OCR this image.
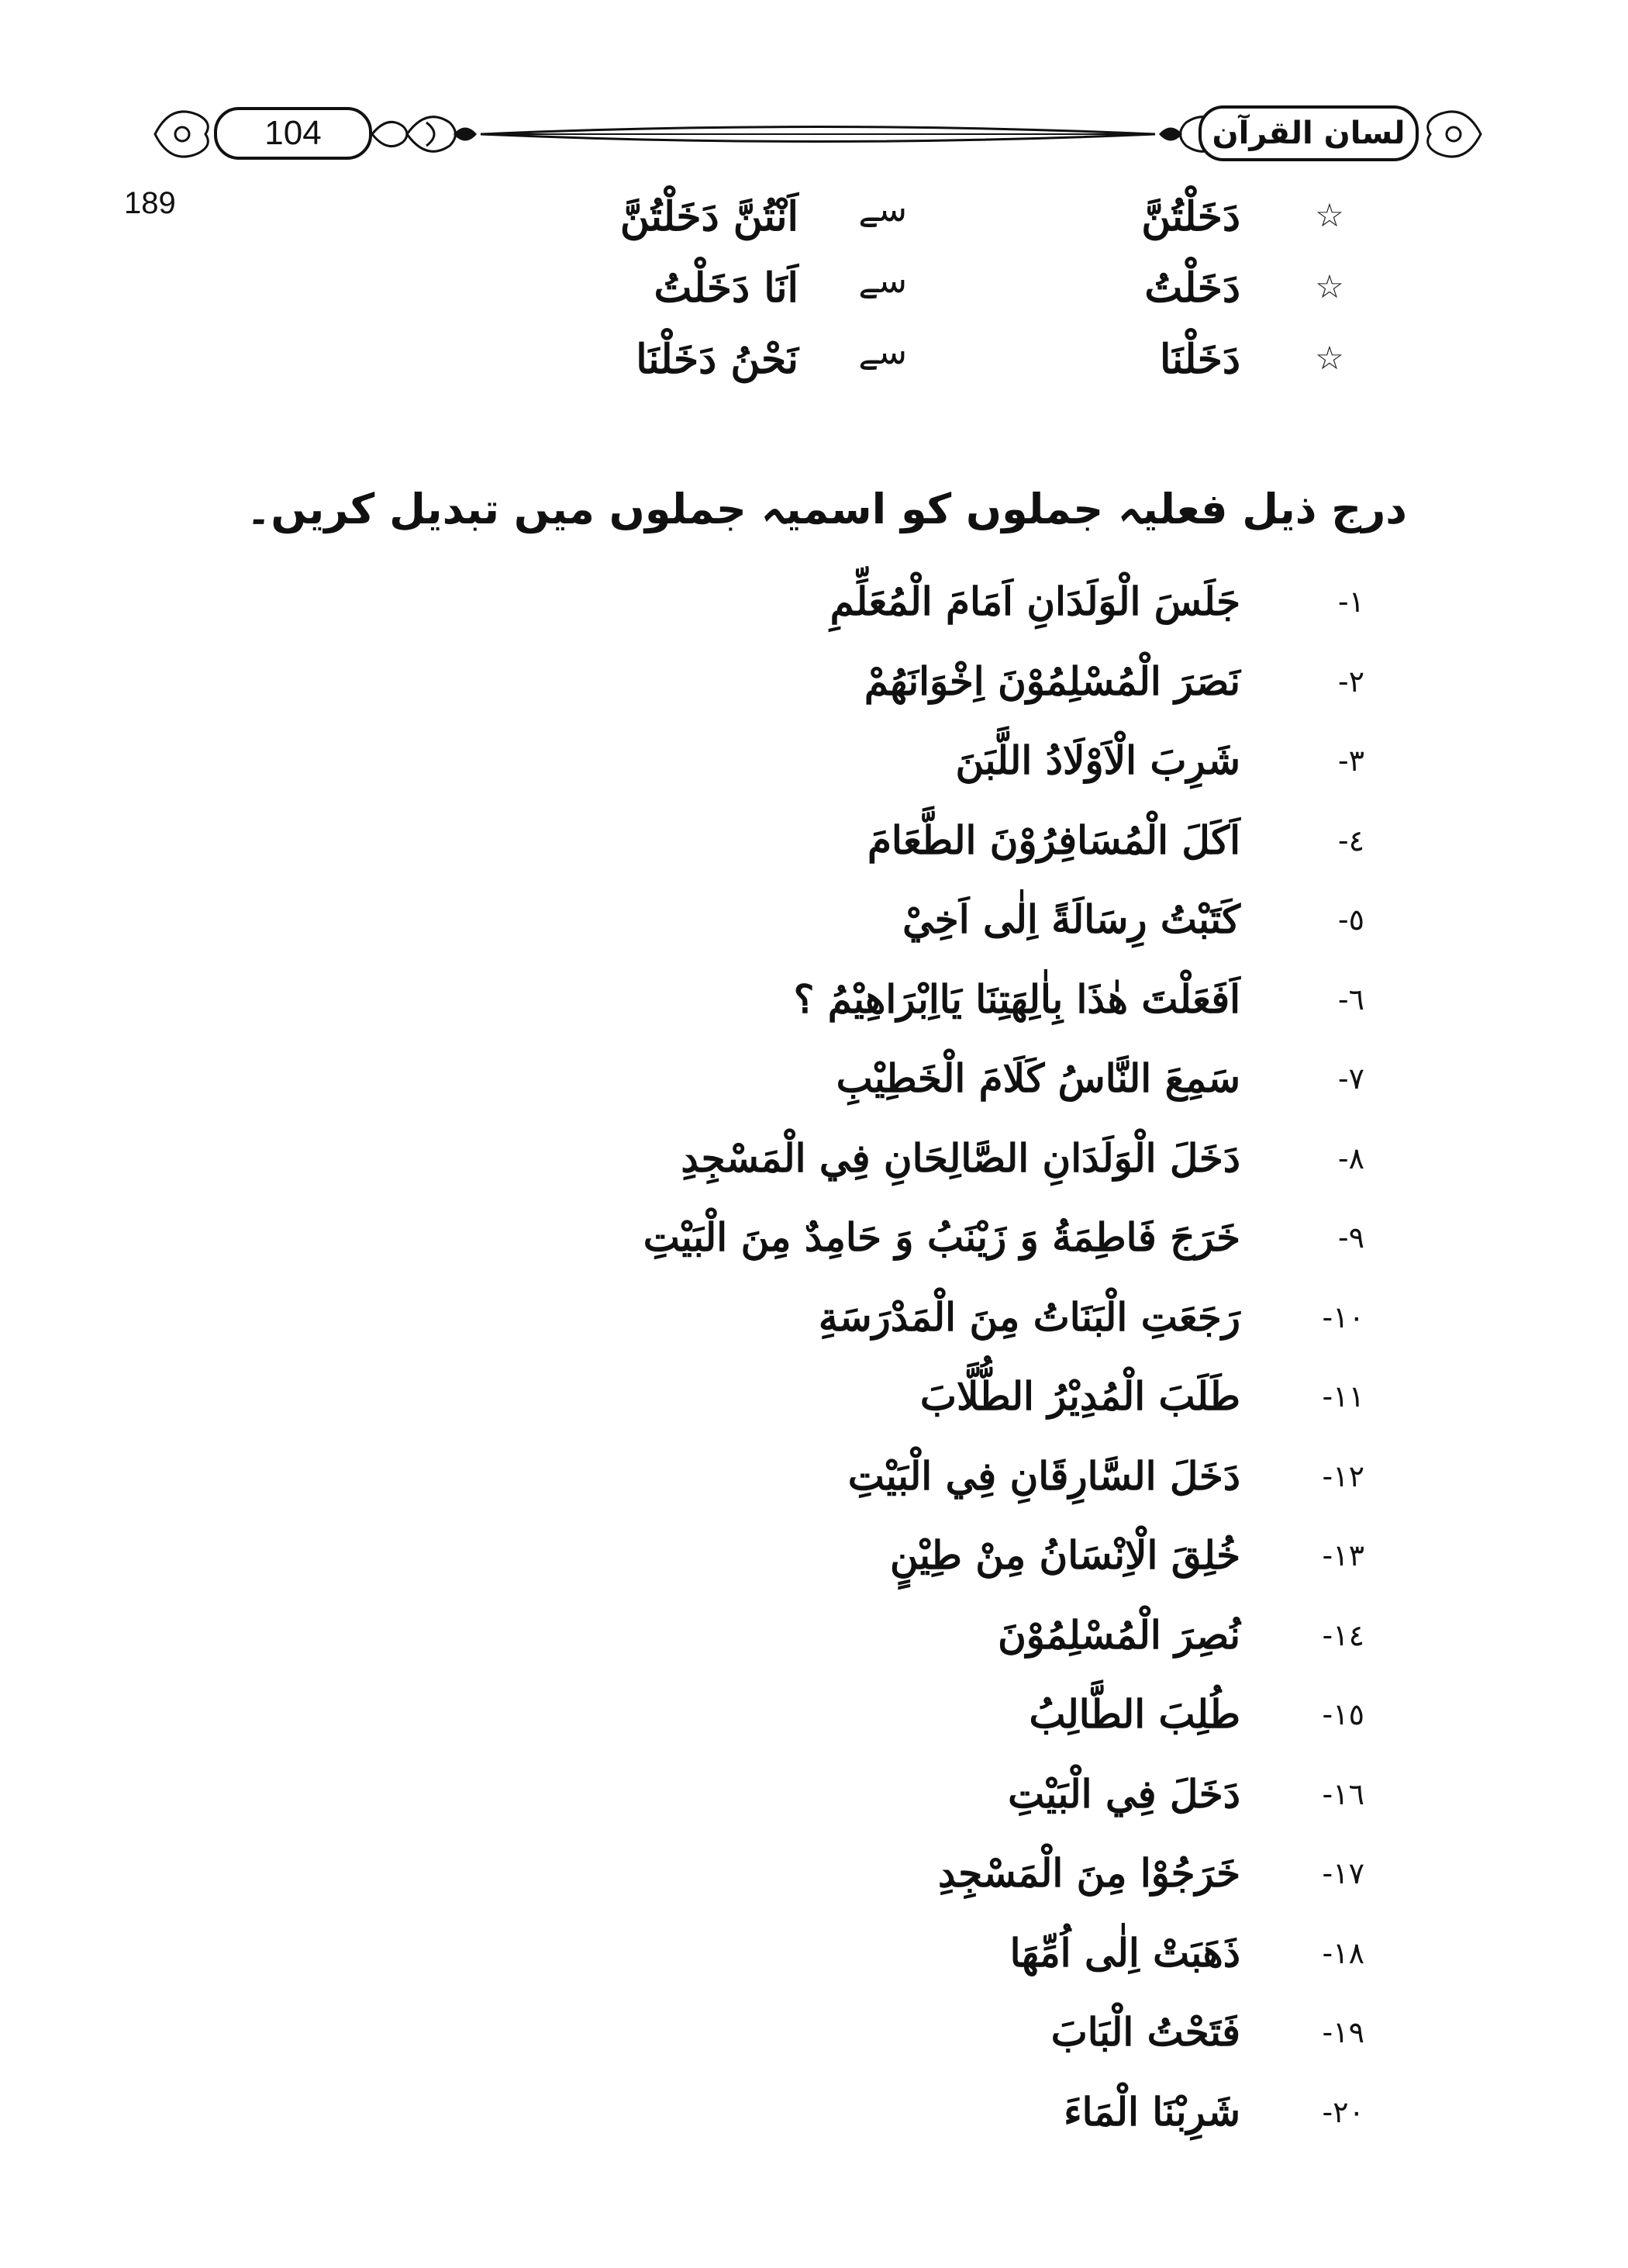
104	لسان القرآن
189	☆
دَخَلْتُنَّ
سے
اَنْتُنَّ دَخَلْتُنَّ
☆
دَخَلْتُ
سے
اَنَا دَخَلْتُ
☆
دَخَلْنَا
سے
نَحْنُ دَخَلْنَا
درج ذیل فعلیہ جملوں کو اسمیہ جملوں میں تبدیل کریں۔
١-
جَلَسَ الْوَلَدَانِ اَمَامَ الْمُعَلِّمِ
٢-
نَصَرَ الْمُسْلِمُوْنَ اِخْوَانَهُمْ
٣-
شَرِبَ الْاَوْلَادُ اللَّبَنَ
٤-
اَكَلَ الْمُسَافِرُوْنَ الطَّعَامَ
٥-
كَتَبْتُ رِسَالَةً اِلٰى اَخِيْ
٦-
اَفَعَلْتَ هٰذَا بِاٰلِهَتِنَا يَااِبْرَاهِيْمُ ؟
٧-
سَمِعَ النَّاسُ كَلَامَ الْخَطِيْبِ
٨-
دَخَلَ الْوَلَدَانِ الصَّالِحَانِ فِي الْمَسْجِدِ
٩-
خَرَجَ فَاطِمَةُ وَ زَيْنَبُ وَ حَامِدٌ مِنَ الْبَيْتِ
١٠-
رَجَعَتِ الْبَنَاتُ مِنَ الْمَدْرَسَةِ
١١-
طَلَبَ الْمُدِيْرُ الطُّلَّابَ
١٢-
دَخَلَ السَّارِقَانِ فِي الْبَيْتِ
١٣-
خُلِقَ الْاِنْسَانُ مِنْ طِيْنٍ
١٤-
نُصِرَ الْمُسْلِمُوْنَ
١٥-
طُلِبَ الطَّالِبُ
١٦-
دَخَلَ فِي الْبَيْتِ
١٧-
خَرَجُوْا مِنَ الْمَسْجِدِ
١٨-
ذَهَبَتْ اِلٰى اُمِّهَا
١٩-
فَتَحْتُ الْبَابَ
٢٠-
شَرِبْنَا الْمَاءَ
